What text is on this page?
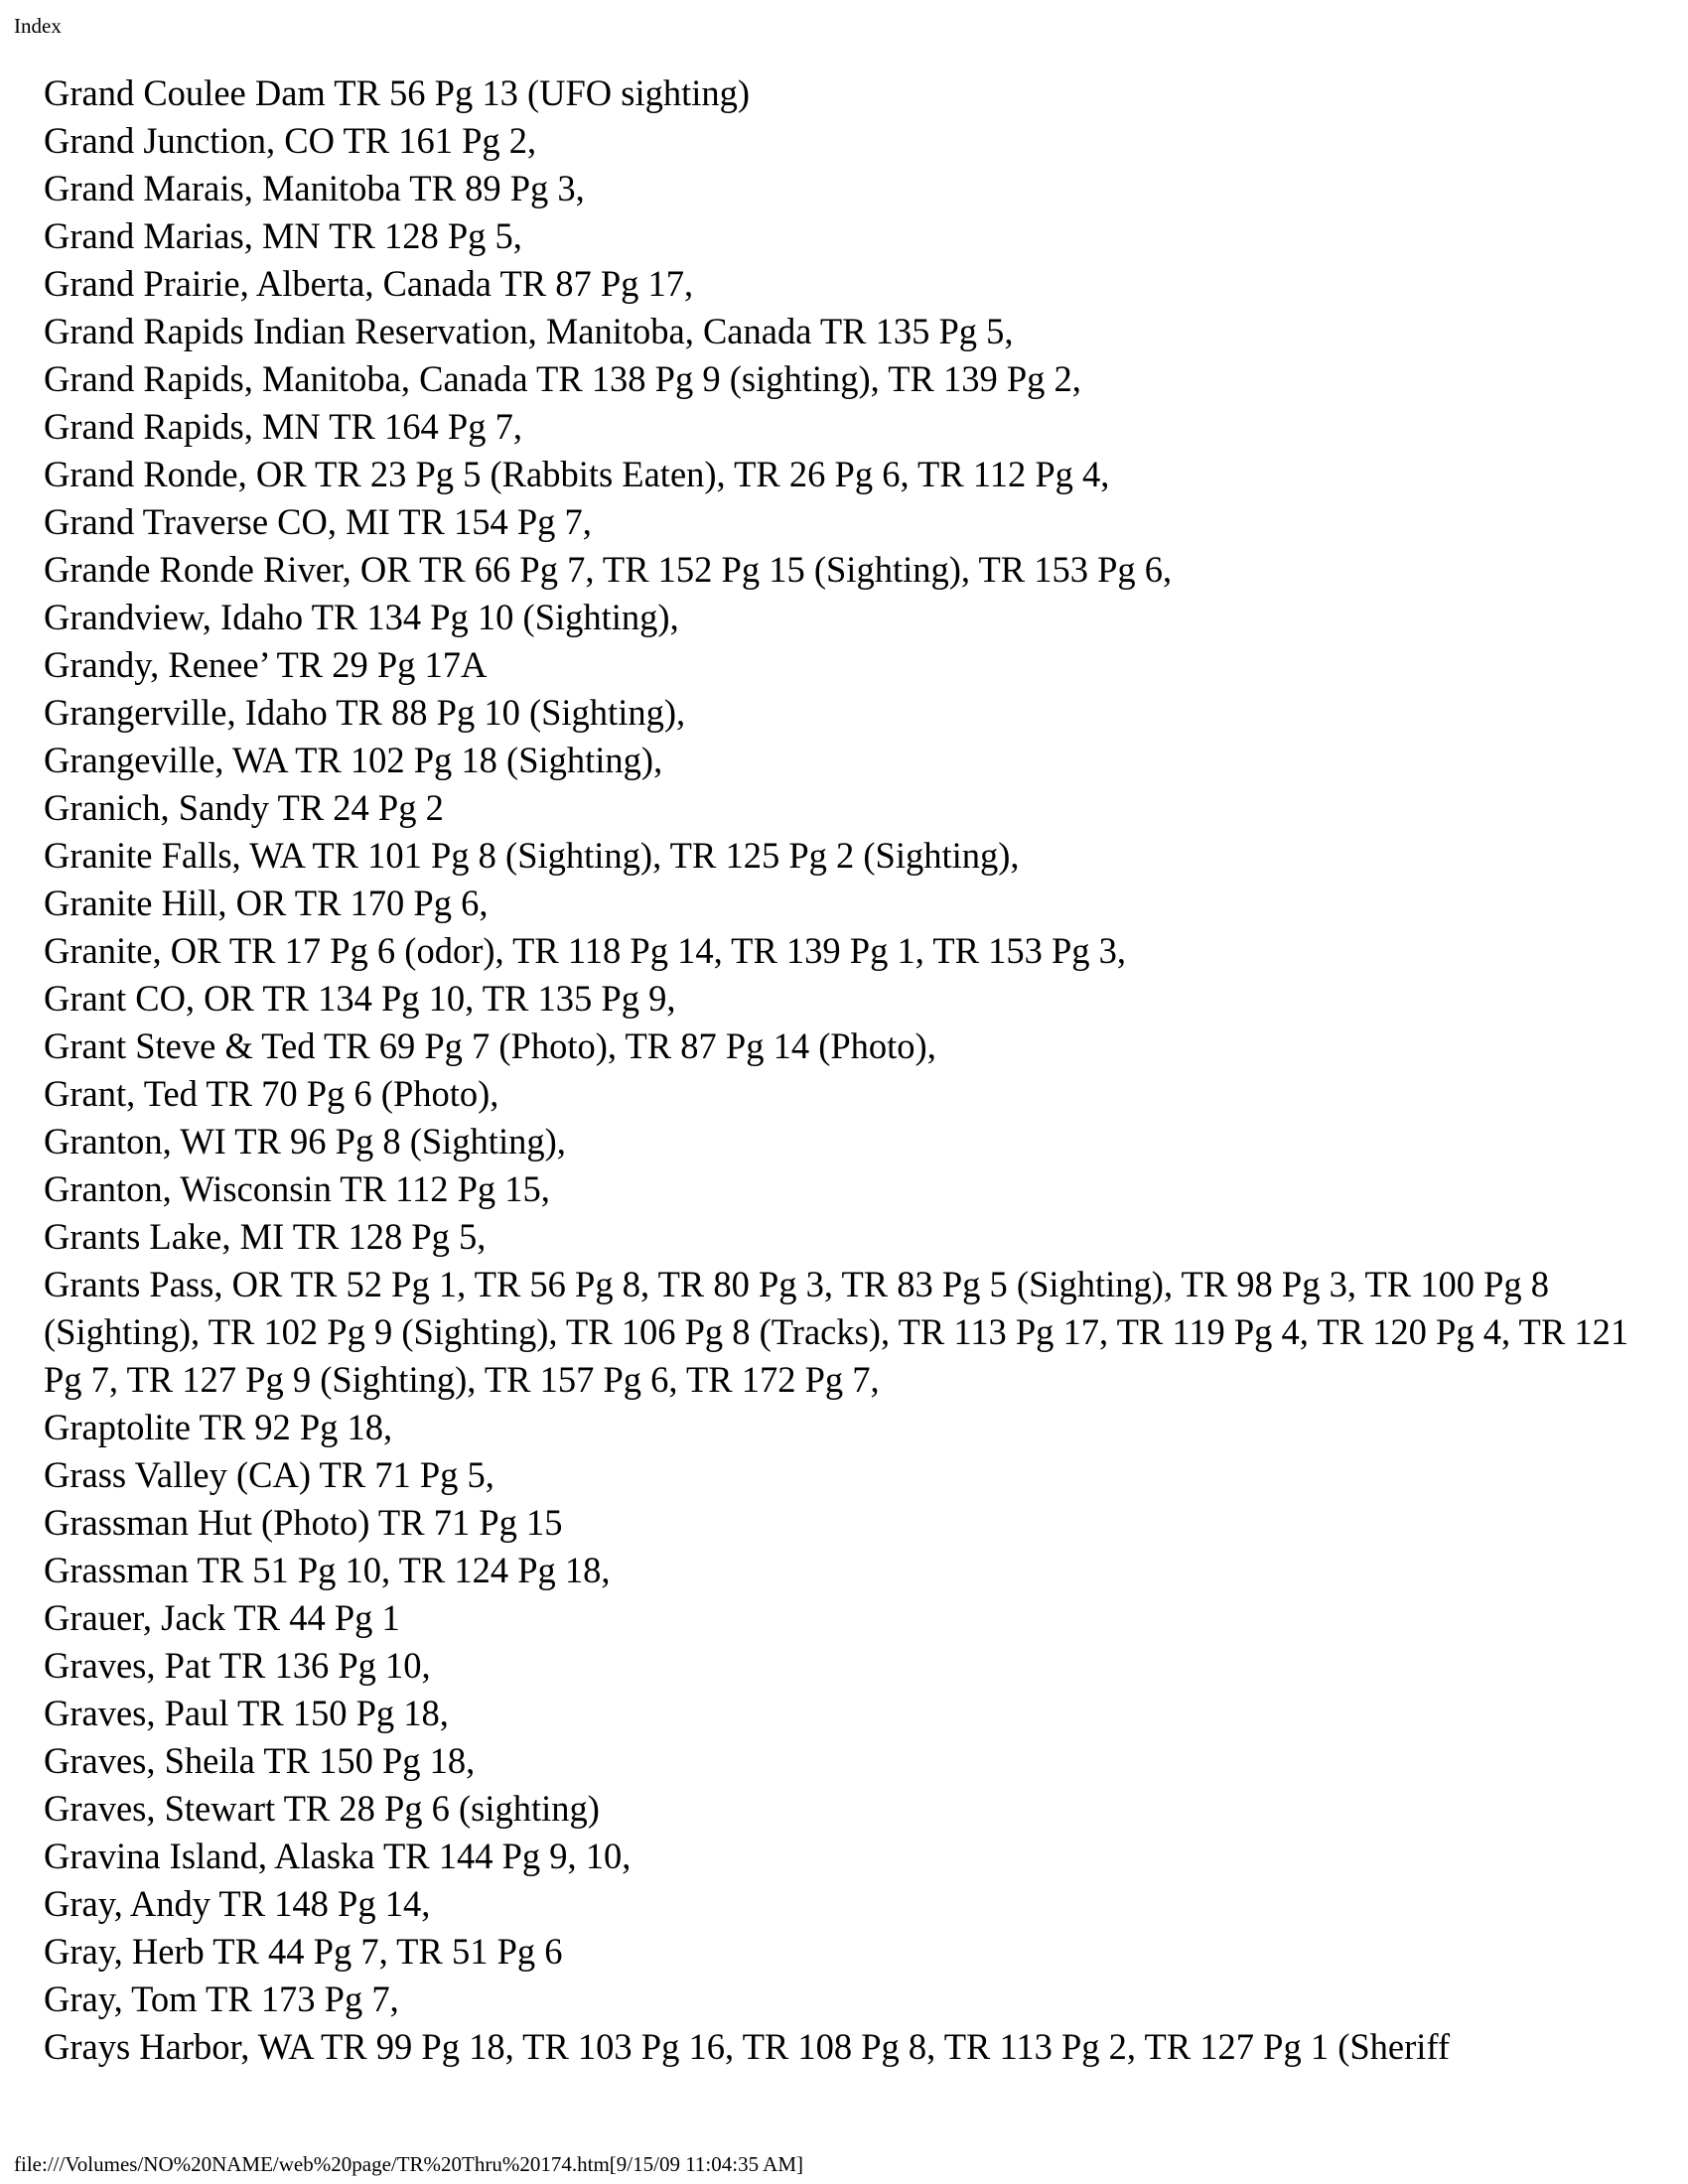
Index
Grand Coulee Dam TR 56 Pg 13 (UFO sighting)
Grand Junction, CO TR 161 Pg 2,
Grand Marais, Manitoba TR 89 Pg 3,
Grand Marias, MN TR 128 Pg 5,
Grand Prairie, Alberta, Canada TR 87 Pg 17,
Grand Rapids Indian Reservation, Manitoba, Canada TR 135 Pg 5,
Grand Rapids, Manitoba, Canada TR 138 Pg 9 (sighting), TR 139 Pg 2,
Grand Rapids, MN TR 164 Pg 7,
Grand Ronde, OR TR 23 Pg 5 (Rabbits Eaten), TR 26 Pg 6, TR 112 Pg 4,
Grand Traverse CO, MI TR 154 Pg 7,
Grande Ronde River, OR TR 66 Pg 7, TR 152 Pg 15 (Sighting), TR 153 Pg 6,
Grandview, Idaho TR 134 Pg 10 (Sighting),
Grandy, Renee’ TR 29 Pg 17A
Grangerville, Idaho TR 88 Pg 10 (Sighting),
Grangeville, WA TR 102 Pg 18 (Sighting),
Granich, Sandy TR 24 Pg 2
Granite Falls, WA TR 101 Pg 8 (Sighting), TR 125 Pg 2 (Sighting),
Granite Hill, OR TR 170 Pg 6,
Granite, OR TR 17 Pg 6 (odor), TR 118 Pg 14, TR 139 Pg 1, TR 153 Pg 3,
Grant CO, OR TR 134 Pg 10, TR 135 Pg 9,
Grant Steve & Ted TR 69 Pg 7 (Photo), TR 87 Pg 14 (Photo),
Grant, Ted TR 70 Pg 6 (Photo),
Granton, WI TR 96 Pg 8 (Sighting),
Granton, Wisconsin TR 112 Pg 15,
Grants Lake, MI TR 128 Pg 5,
Grants Pass, OR TR 52 Pg 1, TR 56 Pg 8, TR 80 Pg 3, TR 83 Pg 5 (Sighting), TR 98 Pg 3, TR 100 Pg 8 (Sighting), TR 102 Pg 9 (Sighting), TR 106 Pg 8 (Tracks), TR 113 Pg 17, TR 119 Pg 4, TR 120 Pg 4, TR 121 Pg 7, TR 127 Pg 9 (Sighting), TR 157 Pg 6, TR 172 Pg 7,
Graptolite TR 92 Pg 18,
Grass Valley (CA) TR 71 Pg 5,
Grassman Hut (Photo) TR 71 Pg 15
Grassman TR 51 Pg 10, TR 124 Pg 18,
Grauer, Jack TR 44 Pg 1
Graves, Pat TR 136 Pg 10,
Graves, Paul TR 150 Pg 18,
Graves, Sheila TR 150 Pg 18,
Graves, Stewart TR 28 Pg 6 (sighting)
Gravina Island, Alaska TR 144 Pg 9, 10,
Gray, Andy TR 148 Pg 14,
Gray, Herb TR 44 Pg 7, TR 51 Pg 6
Gray, Tom TR 173 Pg 7,
Grays Harbor, WA TR 99 Pg 18, TR 103 Pg 16, TR 108 Pg 8, TR 113 Pg 2, TR 127 Pg 1 (Sheriff
file:///Volumes/NO%20NAME/web%20page/TR%20Thru%20174.htm[9/15/09 11:04:35 AM]
